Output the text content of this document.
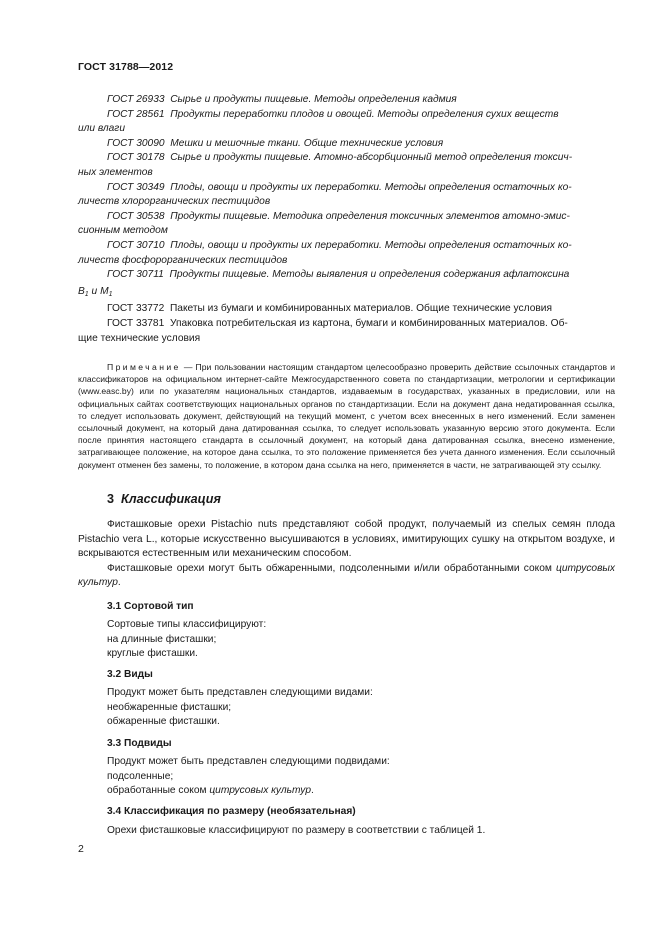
ГОСТ 31788—2012

ГОСТ 26933 Сырье и продукты пищевые. Методы определения кадмия

ГОСТ 28561 Продукты переработки плодов и овощей. Методы определения сухих веществ

или влаги

ГОСТ 30090 Мешки и мешочные ткани. Общие технические условия

ГОСТ 30178 Сырье и продукты пищевые. Атомно-абсорбционный метод определения токсич-

ных элементов

ГОСТ 30349 Плоды, овощи и продукты их переработки. Методы определения остаточных ко-

личеств хлорорганических пестицидов

ГОСТ 30538 Продукты пищевые. Методика определения токсичных элементов атомно-эмис-

сионным методом

ГОСТ 30710 Плоды, овощи и продукты их переработки. Методы определения остаточных ко-

личеств фосфорорганических пестицидов

ГОСТ 30711 Продукты пищевые. Методы выявления и определения содержания афлатоксина

$B_1$ и $M_1$

ГОСТ 33772 Пакеты из бумаги и комбинированных материалов. Общие технические условия

ГОСТ 33781 Упаковка потребительская из картона, бумаги и комбинированных материалов. Об-

щие технические условия

Примечание — При пользовании настоящим стандартом целесообразно проверить действие ссылочных стандартов и классификаторов на официальном интернет-сайте Межгосударственного совета по стандартизации, метрологии и сертификации (www.easc.by) или по указателям национальных стандартов, издаваемым в государствах, указанных в предисловии, или на официальных сайтах соответствующих национальных органов по стандартизации. Если на документ дана недатированная ссылка, то следует использовать документ, действующий на текущий момент, с учетом всех внесенных в него изменений. Если заменен ссылочный документ, на который дана датированная ссылка, то следует использовать указанную версию этого документа. Если после принятия настоящего стандарта в ссылочный документ, на который дана датированная ссылка, внесено изменение, затрагивающее положение, на которое дана ссылка, то это положение применяется без учета данного изменения. Если ссылочный документ отменен без замены, то положение, в котором дана ссылка на него, применяется в части, не затрагивающей эту ссылку.

3 Классификация

Фисташковые орехи Pistachio nuts представляют собой продукт, получаемый из спелых семян плода Pistachio vera L., которые искусственно высушиваются в условиях, имитирующих сушку на открытом воздухе, и вскрываются естественным или механическим способом.

Фисташковые орехи могут быть обжаренными, подсоленными и/или обработанными соком цитрусовых культур.

3.1 Сортовой тип

Сортовые типы классифицируют:

на длинные фисташки;

круглые фисташки.

3.2 Виды

Продукт может быть представлен следующими видами:

необжаренные фисташки;

обжаренные фисташки.

3.3 Подвиды

Продукт может быть представлен следующими подвидами:

подсоленные;

обработанные соком цитрусовых культур.

3.4 Классификация по размеру (необязательная)

Орехи фисташковые классифицируют по размеру в соответствии с таблицей 1.

2
